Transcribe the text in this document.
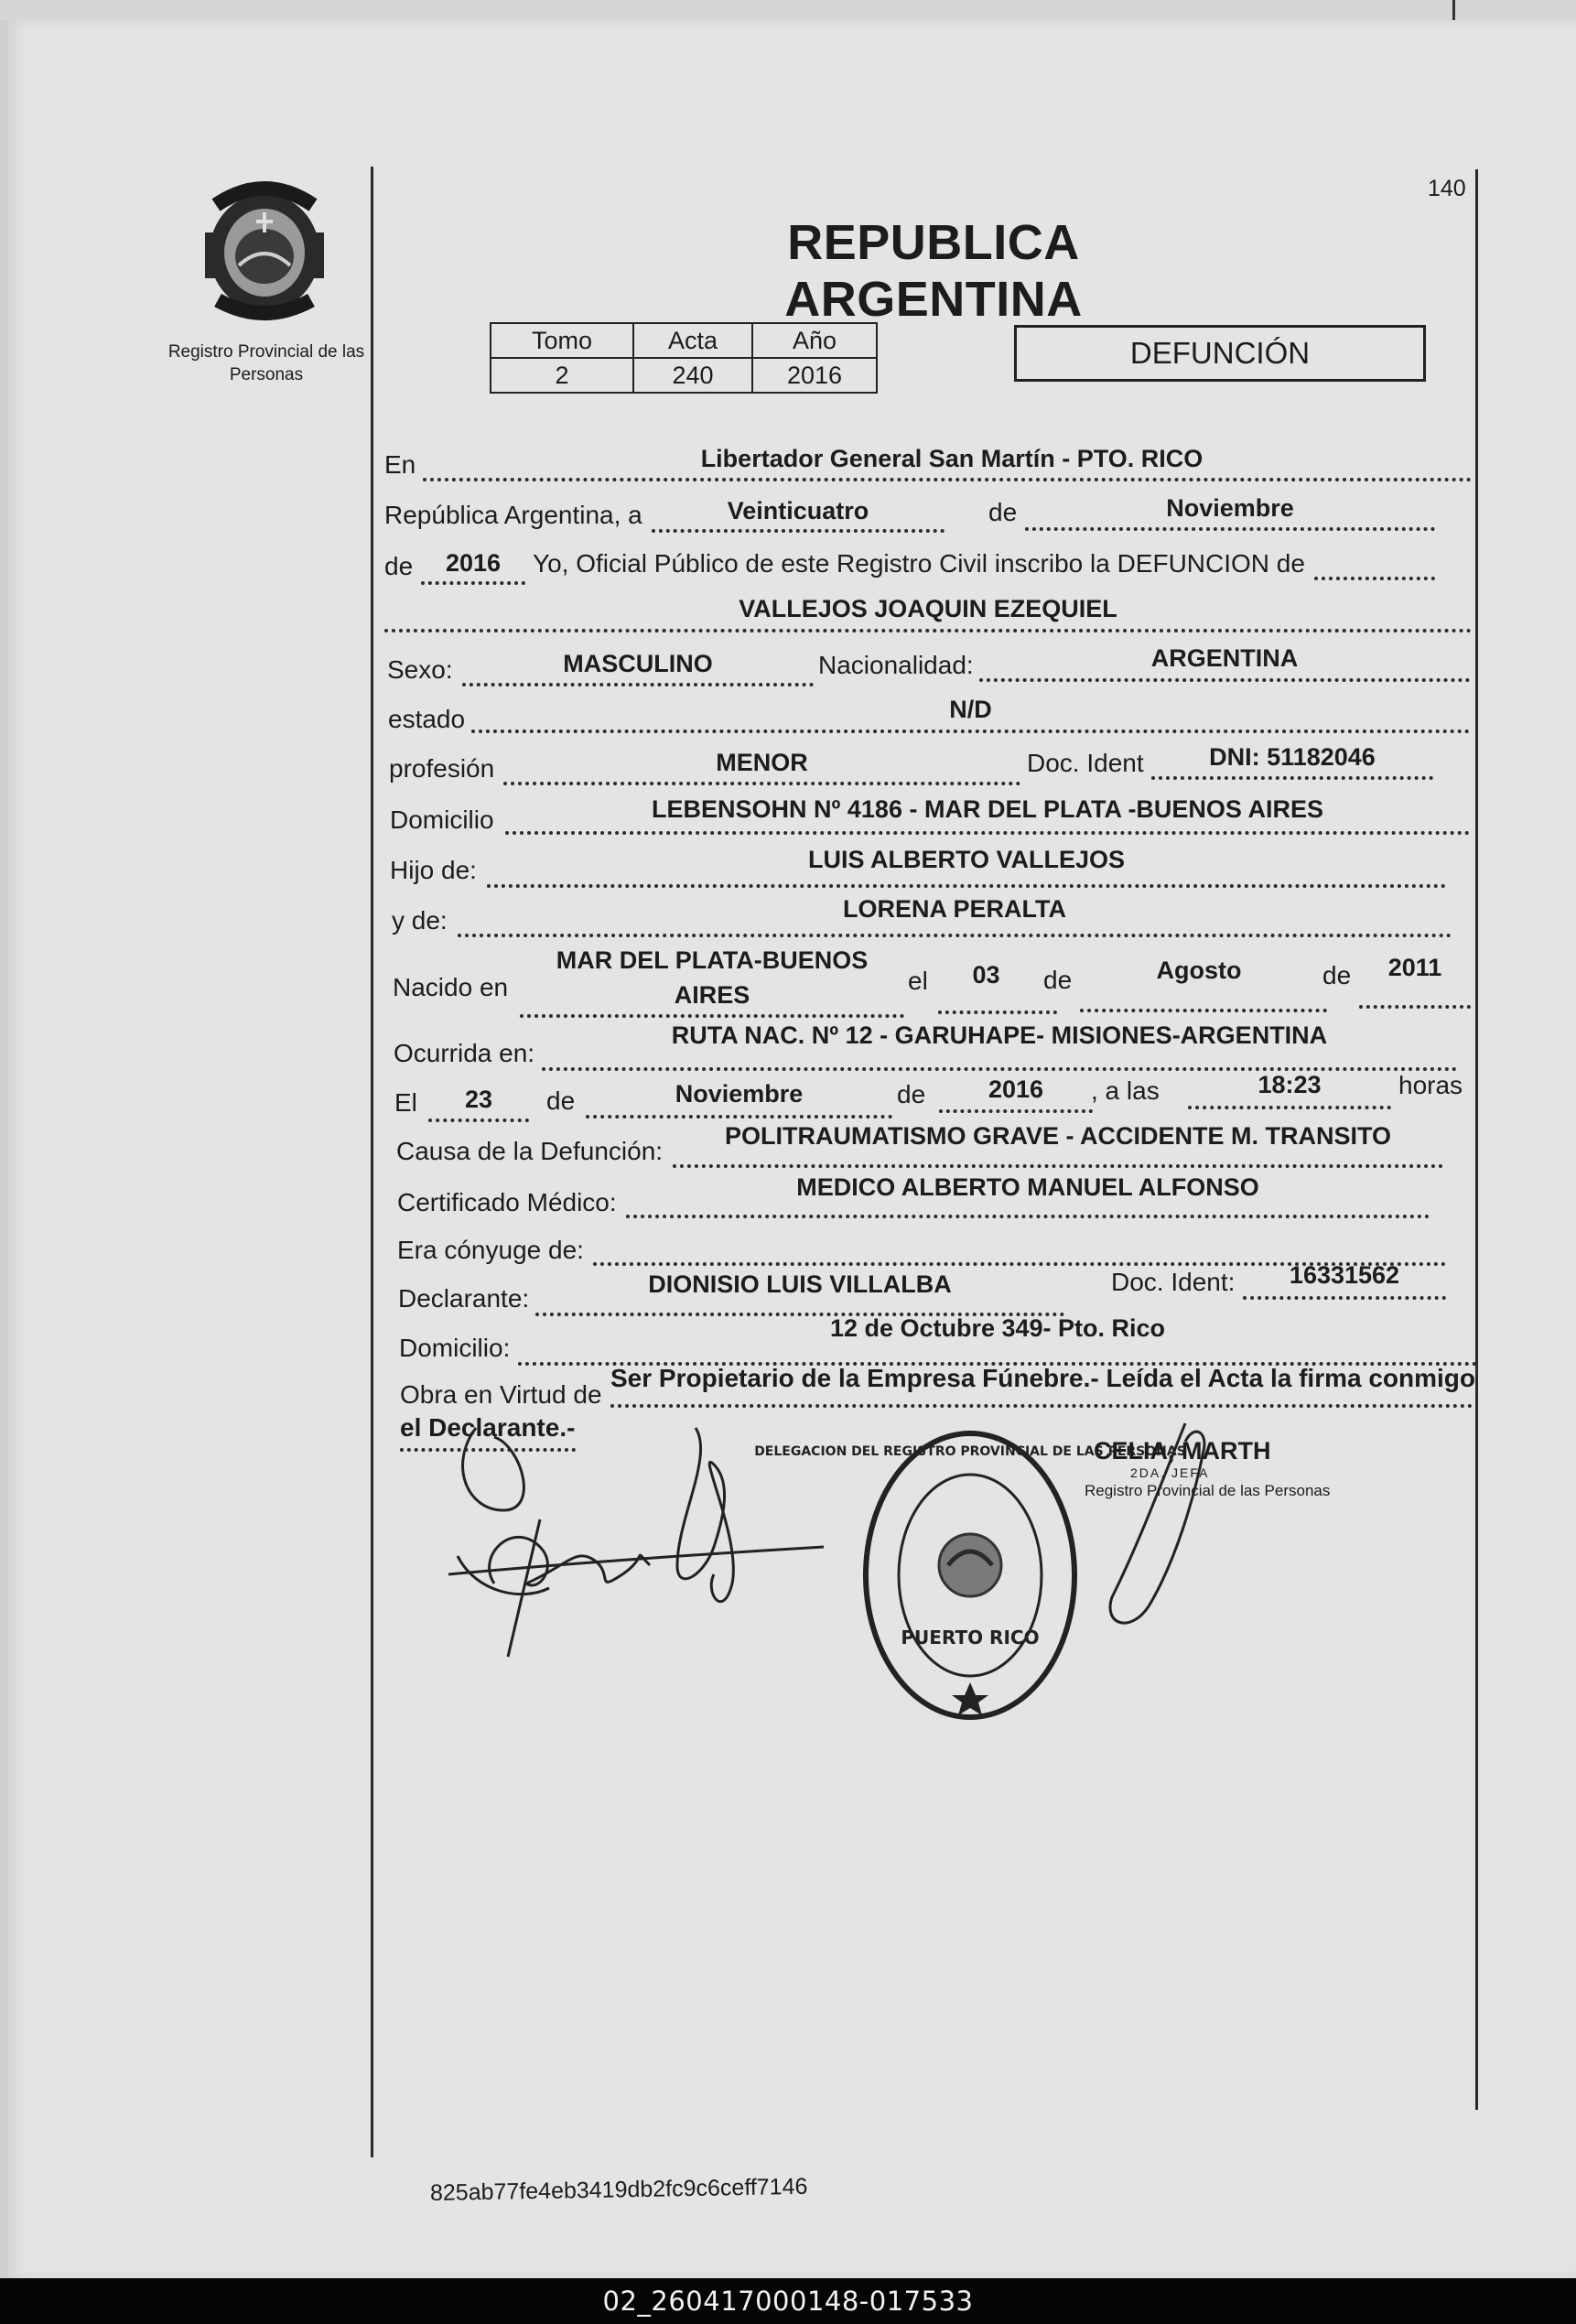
Registro Provincial de las Personas
140
REPUBLICA ARGENTINA
Tomo	Acta	Año
2	240	2016
DEFUNCIÓN
En	Libertador General San Martín - PTO. RICO
República Argentina, a	Veinticuatro	de	Noviembre
de	2016	Yo, Oficial Público de este Registro Civil inscribo la DEFUNCION de
VALLEJOS JOAQUIN EZEQUIEL
Sexo:	MASCULINO	Nacionalidad:	ARGENTINA
estado	N/D
profesión	MENOR	Doc. Ident	DNI: 51182046
Domicilio	LEBENSOHN Nº 4186 - MAR DEL PLATA -BUENOS AIRES
Hijo de:	LUIS ALBERTO VALLEJOS
y de:	LORENA PERALTA
Nacido en
MAR DEL PLATA-BUENOS
AIRES	el	03	de	Agosto	de	2011
Ocurrida en:
RUTA NAC. Nº 12 - GARUHAPE- MISIONES-ARGENTINA
El	23	de	Noviembre	de	2016	, a las	18:23	horas
Causa de la Defunción:
POLITRAUMATISMO GRAVE - ACCIDENTE M. TRANSITO
Certificado Médico:
MEDICO ALBERTO MANUEL ALFONSO
Era cónyuge de:
Declarante:	DIONISIO LUIS VILLALBA	Doc. Ident:	16331562
Domicilio:
12 de Octubre 349- Pto. Rico
Obra en Virtud de
Ser Propietario de la Empresa Fúnebre.- Leída el Acta la firma conmigo
el Declarante.-
DELEGACION DEL REGISTRO PROVINCIAL DE LAS PERSONAS
PUERTO RICO
CELIA, MARTH
2DA. JEFA
Registro Provincial de las Personas
825ab77fe4eb3419db2fc9c6ceff7146
02_260417000148-017533
